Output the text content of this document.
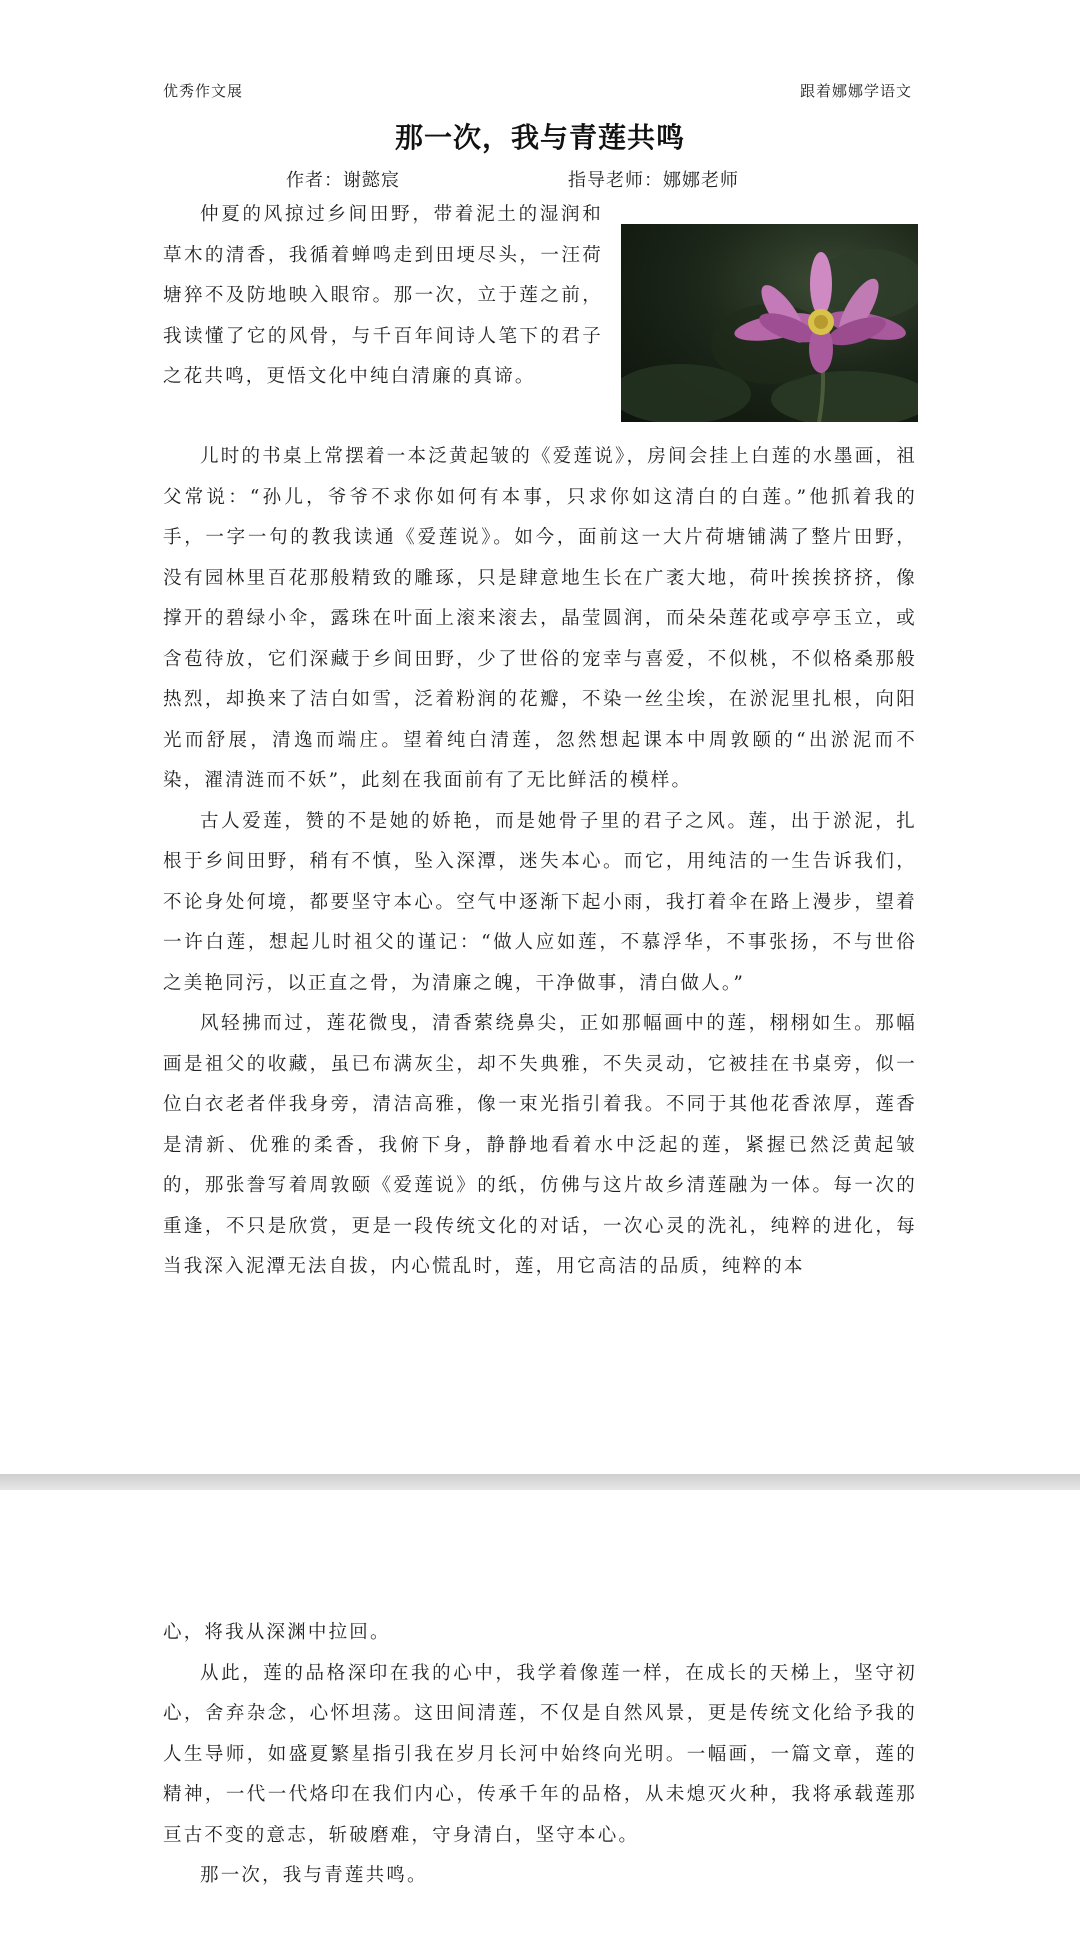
优秀作文展	跟着娜娜学语文
那一次，我与青莲共鸣
作者：谢懿宸	指导老师：娜娜老师

仲夏的风掠过乡间田野，带着泥土的湿润和草木的清香，我循着蝉鸣走到田埂尽头，一汪荷塘猝不及防地映入眼帘。那一次，立于莲之前，我读懂了它的风骨，与千百年间诗人笔下的君子之花共鸣，更悟文化中纯白清廉的真谛。

儿时的书桌上常摆着一本泛黄起皱的《爱莲说》，房间会挂上白莲的水墨画，祖父常说：“孙儿，爷爷不求你如何有本事，只求你如这清白的白莲。”他抓着我的手，一字一句的教我读通《爱莲说》。如今，面前这一大片荷塘铺满了整片田野，没有园林里百花那般精致的雕琢，只是肆意地生长在广袤大地，荷叶挨挨挤挤，像撑开的碧绿小伞，露珠在叶面上滚来滚去，晶莹圆润，而朵朵莲花或亭亭玉立，或含苞待放，它们深藏于乡间田野，少了世俗的宠幸与喜爱，不似桃，不似格桑那般热烈，却换来了洁白如雪，泛着粉润的花瓣，不染一丝尘埃，在淤泥里扎根，向阳光而舒展，清逸而端庄。望着纯白清莲，忽然想起课本中周敦颐的“出淤泥而不染，濯清涟而不妖”，此刻在我面前有了无比鲜活的模样。

古人爱莲，赞的不是她的娇艳，而是她骨子里的君子之风。莲，出于淤泥，扎根于乡间田野，稍有不慎，坠入深潭，迷失本心。而它，用纯洁的一生告诉我们，不论身处何境，都要坚守本心。空气中逐渐下起小雨，我打着伞在路上漫步，望着一许白莲，想起儿时祖父的谨记：“做人应如莲，不慕浮华，不事张扬，不与世俗之美艳同污，以正直之骨，为清廉之魄，干净做事，清白做人。”

风轻拂而过，莲花微曳，清香萦绕鼻尖，正如那幅画中的莲，栩栩如生。那幅画是祖父的收藏，虽已布满灰尘，却不失典雅，不失灵动，它被挂在书桌旁，似一位白衣老者伴我身旁，清洁高雅，像一束光指引着我。不同于其他花香浓厚，莲香是清新、优雅的柔香，我俯下身，静静地看着水中泛起的莲，紧握已然泛黄起皱的，那张誊写着周敦颐《爱莲说》的纸，仿佛与这片故乡清莲融为一体。每一次的重逢，不只是欣赏，更是一段传统文化的对话，一次心灵的洗礼，纯粹的进化，每当我深入泥潭无法自拔，内心慌乱时，莲，用它高洁的品质，纯粹的本

心，将我从深渊中拉回。

从此，莲的品格深印在我的心中，我学着像莲一样，在成长的天梯上，坚守初心，舍弃杂念，心怀坦荡。这田间清莲，不仅是自然风景，更是传统文化给予我的人生导师，如盛夏繁星指引我在岁月长河中始终向光明。一幅画，一篇文章，莲的精神，一代一代烙印在我们内心，传承千年的品格，从未熄灭火种，我将承载莲那亘古不变的意志，斩破磨难，守身清白，坚守本心。

那一次，我与青莲共鸣。
